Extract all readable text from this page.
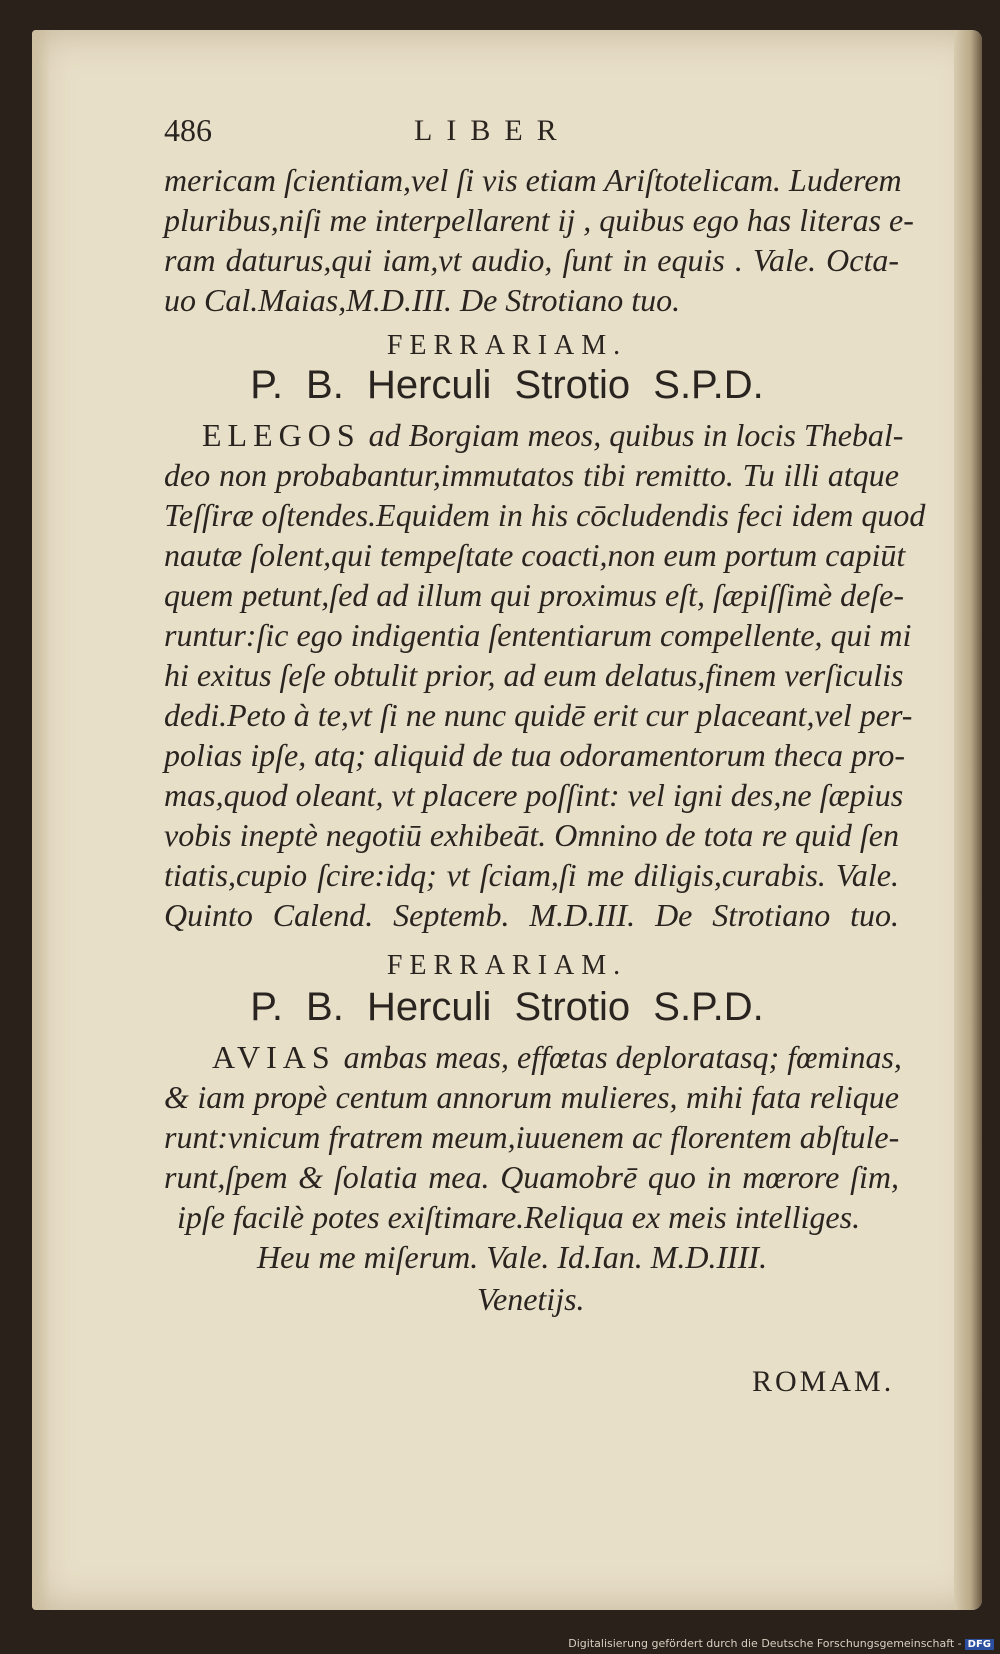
486	LIBER
mericam ſcientiam,vel ſi vis etiam Ariſtotelicam. Luderem
pluribus,niſi me interpellarent ij , quibus ego has literas e-
ram daturus,qui iam,vt audio, ſunt in equis . Vale. Octa-
uo Cal.Maias,M.D.III. De Strotiano tuo.
FERRARIAM.
P. B. Herculi Strotio S.P.D.
ELEGOS ad Borgiam meos, quibus in locis Thebal-
deo non probabantur,immutatos tibi remitto. Tu illi atque
Teſſiræ oſtendes.Equidem in his cōcludendis feci idem quod
nautæ ſolent,qui tempeſtate coacti,non eum portum capiūt
quem petunt,ſed ad illum qui proximus eſt, ſæpiſſimè deſe-
runtur:ſic ego indigentia ſententiarum compellente, qui mi
hi exitus ſeſe obtulit prior, ad eum delatus,finem verſiculis
dedi.Peto à te,vt ſi ne nunc quidē erit cur placeant,vel per-
polias ipſe, atq; aliquid de tua odoramentorum theca pro-
mas,quod oleant, vt placere poſſint: vel igni des,ne ſæpius
vobis ineptè negotiū exhibeāt. Omnino de tota re quid ſen
tiatis,cupio ſcire:idq; vt ſciam,ſi me diligis,curabis. Vale.
Quinto Calend. Septemb. M.D.III. De Strotiano tuo.
FERRARIAM.
P. B. Herculi Strotio S.P.D.
AVIAS ambas meas, effœtas deploratasq; fœminas,
& iam propè centum annorum mulieres, mihi fata relique
runt:vnicum fratrem meum,iuuenem ac florentem abſtule-
runt,ſpem & ſolatia mea. Quamobrē quo in mœrore ſim,
ipſe facilè potes exiſtimare.Reliqua ex meis intelliges.
Heu me miſerum. Vale. Id.Ian. M.D.IIII.
Venetijs.
ROMAM.
Digitalisierung gefördert durch die Deutsche Forschungsgemeinschaft - DFG
